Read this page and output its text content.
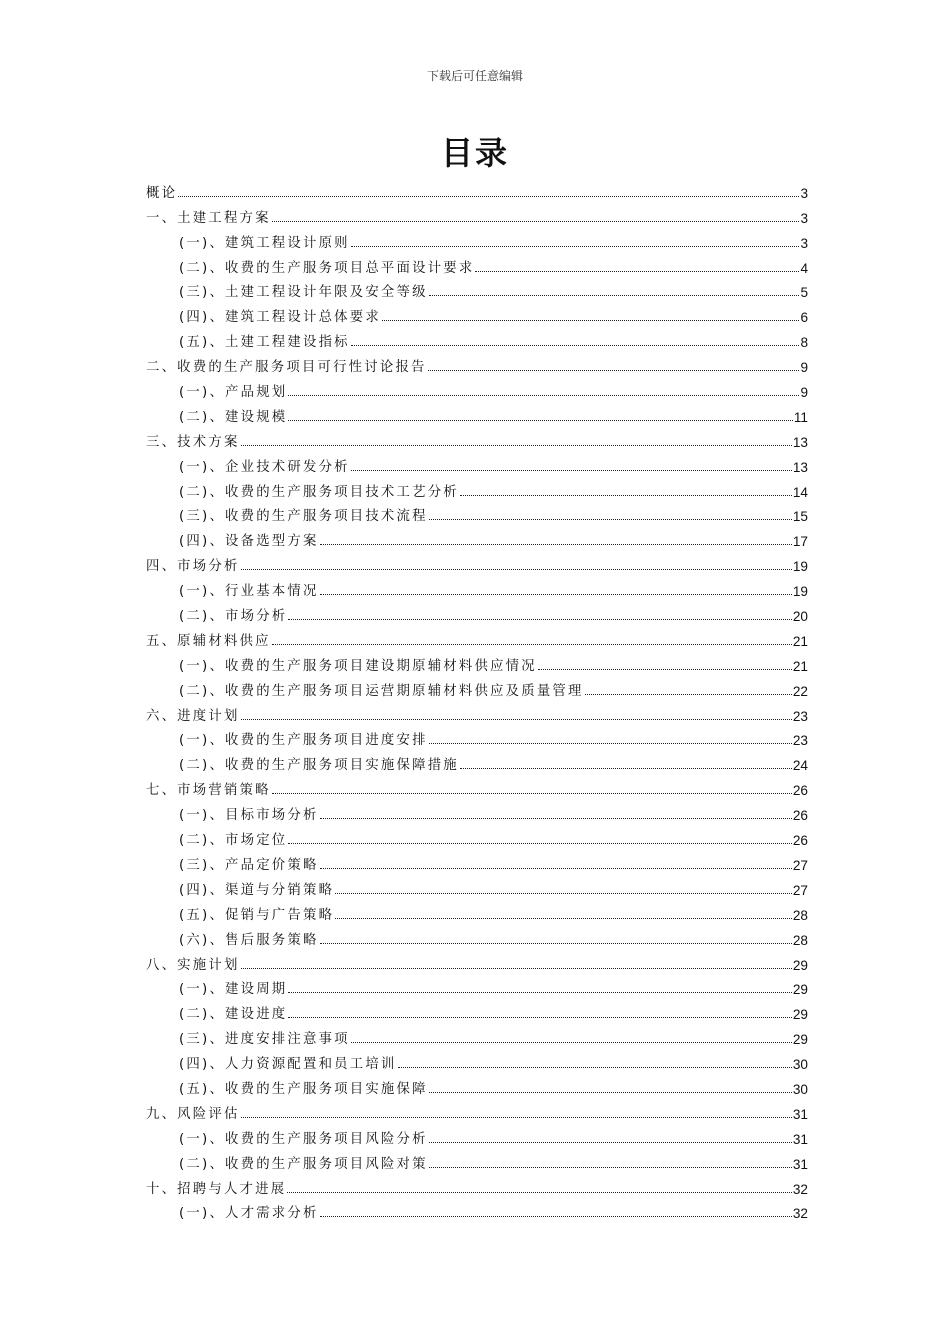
下载后可任意编辑
目录
概论	3
一、土建工程方案	3
(一)、建筑工程设计原则	3
(二)、收费的生产服务项目总平面设计要求	4
(三)、土建工程设计年限及安全等级	5
(四)、建筑工程设计总体要求	6
(五)、土建工程建设指标	8
二、收费的生产服务项目可行性讨论报告	9
(一)、产品规划	9
(二)、建设规模	11
三、技术方案	13
(一)、企业技术研发分析	13
(二)、收费的生产服务项目技术工艺分析	14
(三)、收费的生产服务项目技术流程	15
(四)、设备选型方案	17
四、市场分析	19
(一)、行业基本情况	19
(二)、市场分析	20
五、原辅材料供应	21
(一)、收费的生产服务项目建设期原辅材料供应情况	21
(二)、收费的生产服务项目运营期原辅材料供应及质量管理	22
六、进度计划	23
(一)、收费的生产服务项目进度安排	23
(二)、收费的生产服务项目实施保障措施	24
七、市场营销策略	26
(一)、目标市场分析	26
(二)、市场定位	26
(三)、产品定价策略	27
(四)、渠道与分销策略	27
(五)、促销与广告策略	28
(六)、售后服务策略	28
八、实施计划	29
(一)、建设周期	29
(二)、建设进度	29
(三)、进度安排注意事项	29
(四)、人力资源配置和员工培训	30
(五)、收费的生产服务项目实施保障	30
九、风险评估	31
(一)、收费的生产服务项目风险分析	31
(二)、收费的生产服务项目风险对策	31
十、招聘与人才进展	32
(一)、人才需求分析	32
